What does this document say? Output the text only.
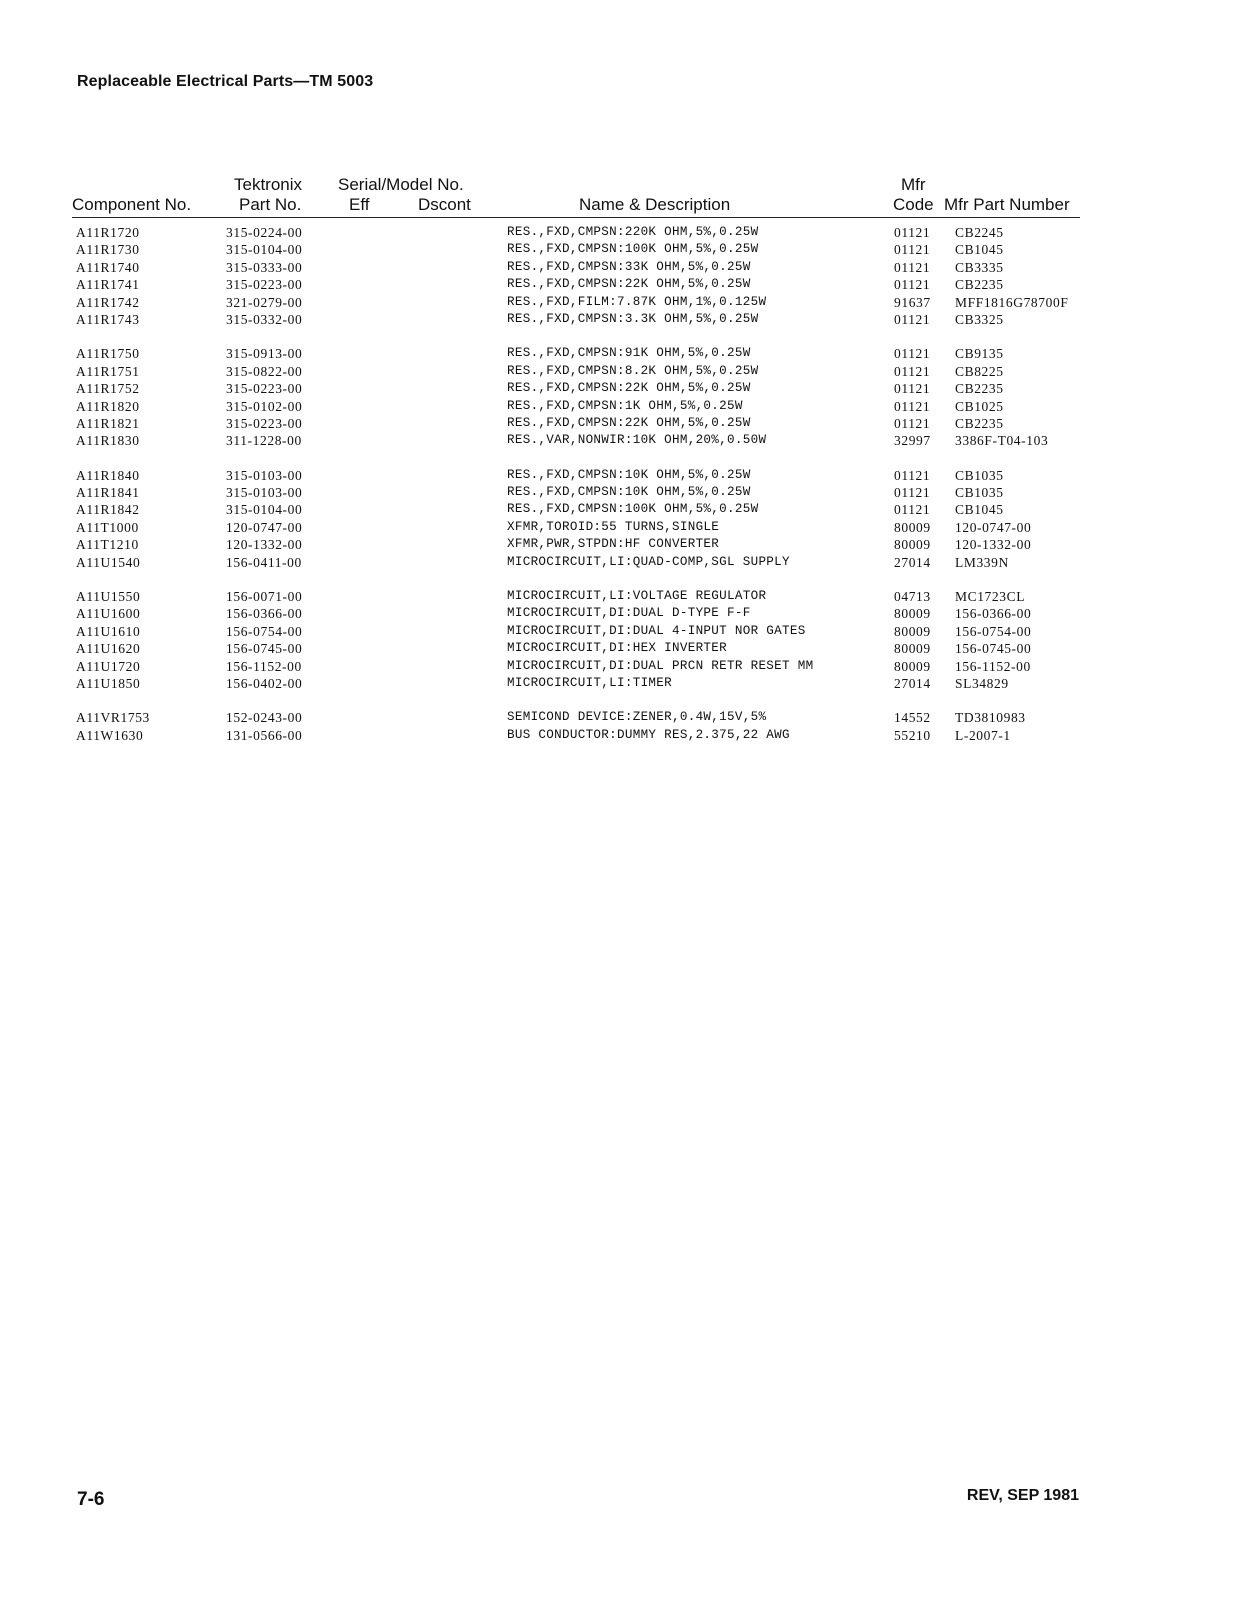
Replaceable Electrical Parts—TM 5003
Component No.
Tektronix
Part No.
Serial/Model No.
Eff	Dscont	Name & Description
Mfr
Code Mfr Part Number
A11R1720	315-0224-00	RES.,FXD,CMPSN:220K OHM,5%,0.25W	01121 CB2245
A11R1730	315-0104-00	RES.,FXD,CMPSN:100K OHM,5%,0.25W	01121 CB1045
A11R1740	315-0333-00	RES.,FXD,CMPSN:33K OHM,5%,0.25W	01121 CB3335
A11R1741	315-0223-00	RES.,FXD,CMPSN:22K OHM,5%,0.25W	01121 CB2235
A11R1742	321-0279-00	RES.,FXD,FILM:7.87K OHM,1%,0.125W	91637 MFF1816G78700F
A11R1743	315-0332-00	RES.,FXD,CMPSN:3.3K OHM,5%,0.25W	01121 CB3325
A11R1750	315-0913-00	RES.,FXD,CMPSN:91K OHM,5%,0.25W	01121 CB9135
A11R1751	315-0822-00	RES.,FXD,CMPSN:8.2K OHM,5%,0.25W	01121 CB8225
A11R1752	315-0223-00	RES.,FXD,CMPSN:22K OHM,5%,0.25W	01121 CB2235
A11R1820	315-0102-00	RES.,FXD,CMPSN:1K OHM,5%,0.25W	01121 CB1025
A11R1821	315-0223-00	RES.,FXD,CMPSN:22K OHM,5%,0.25W	01121 CB2235
A11R1830	311-1228-00	RES.,VAR,NONWIR:10K OHM,20%,0.50W	32997 3386F-T04-103
A11R1840	315-0103-00	RES.,FXD,CMPSN:10K OHM,5%,0.25W	01121 CB1035
A11R1841	315-0103-00	RES.,FXD,CMPSN:10K OHM,5%,0.25W	01121 CB1035
A11R1842	315-0104-00	RES.,FXD,CMPSN:100K OHM,5%,0.25W	01121 CB1045
A11T1000	120-0747-00	XFMR,TOROID:55 TURNS,SINGLE	80009 120-0747-00
A11T1210	120-1332-00	XFMR,PWR,STPDN:HF CONVERTER	80009 120-1332-00
A11U1540	156-0411-00	MICROCIRCUIT,LI:QUAD-COMP,SGL SUPPLY	27014 LM339N
A11U1550	156-0071-00	MICROCIRCUIT,LI:VOLTAGE REGULATOR	04713 MC1723CL
A11U1600	156-0366-00	MICROCIRCUIT,DI:DUAL D-TYPE F-F	80009 156-0366-00
A11U1610	156-0754-00	MICROCIRCUIT,DI:DUAL 4-INPUT NOR GATES	80009 156-0754-00
A11U1620	156-0745-00	MICROCIRCUIT,DI:HEX INVERTER	80009 156-0745-00
A11U1720	156-1152-00	MICROCIRCUIT,DI:DUAL PRCN RETR RESET MM	80009 156-1152-00
A11U1850	156-0402-00	MICROCIRCUIT,LI:TIMER	27014 SL34829
A11VR1753	152-0243-00	SEMICOND DEVICE:ZENER,0.4W,15V,5%	14552 TD3810983
A11W1630	131-0566-00	BUS CONDUCTOR:DUMMY RES,2.375,22 AWG	55210 L-2007-1
7-6	REV, SEP 1981
